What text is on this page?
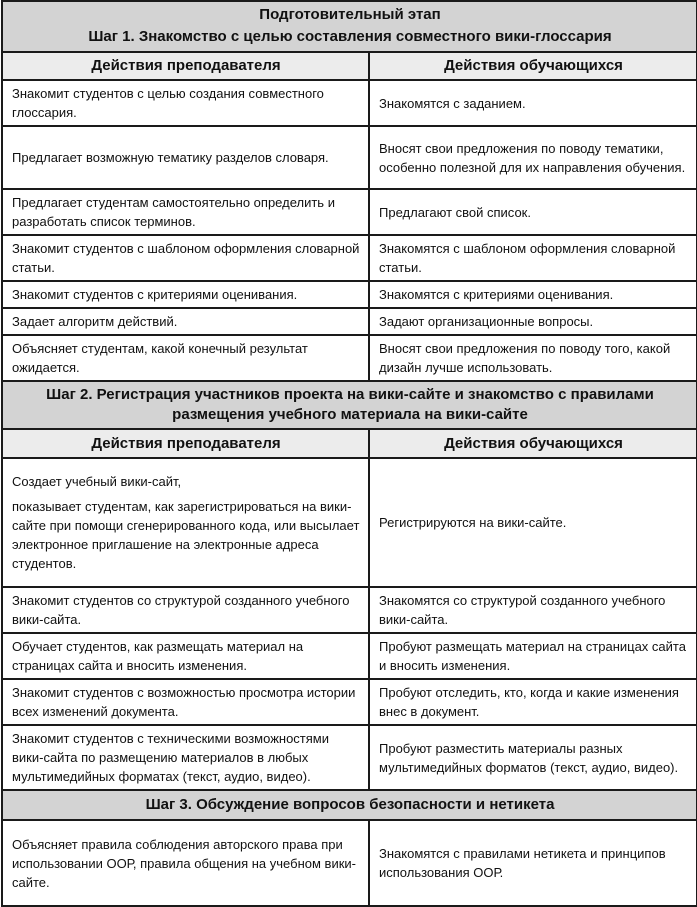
Подготовительный этап	
Шаг 1. Знакомство с целью составления совместного вики-глоссария	
Действия преподавателя	Действия обучающихся
Знакомит студентов с целью создания совместного глоссария.	Знакомятся с заданием.
Предлагает возможную тематику разделов словаря.	Вносят свои предложения по поводу тематики, особенно полезной для их направления обучения.
Предлагает студентам самостоятельно определить и разработать список терминов.	Предлагают свой список.
Знакомит студентов с шаблоном оформления словарной статьи.	Знакомятся с шаблоном оформления словарной статьи.
Знакомит студентов с критериями оценивания.	Знакомятся с критериями оценивания.
Задает алгоритм действий.	Задают организационные вопросы.
Объясняет студентам, какой конечный результат ожидается.	Вносят свои предложения по поводу того, какой дизайн лучше использовать.
Шаг 2. Регистрация участников проекта на вики-сайте и знакомство с правилами размещения учебного материала на вики-сайте	
Действия преподавателя	Действия обучающихся

Создает учебный вики-сайт,

показывает студентам, как зарегистрироваться на вики-сайте при помощи сгенерированного кода, или высылает электронное приглашение на электронные адреса студентов.	Регистрируются на вики-сайте.
Знакомит студентов со структурой созданного учебного вики-сайта.	Знакомятся со структурой созданного учебного вики-сайта.
Обучает студентов, как размещать материал на страницах сайта и вносить изменения.	Пробуют размещать материал на страницах сайта и вносить изменения.
Знакомит студентов с возможностью просмотра истории всех изменений документа.	Пробуют отследить, кто, когда и какие изменения внес в документ.
Знакомит студентов с техническими возможностями вики-сайта по размещению материалов в любых мультимедийных форматах (текст, аудио, видео).	Пробуют разместить материалы разных мультимедийных форматов (текст, аудио, видео).
Шаг 3. Обсуждение вопросов безопасности и нетикета	
Объясняет правила соблюдения авторского права при использовании ООР, правила общения на учебном вики-сайте.	Знакомятся с правилами нетикета и принципов использования ООР.
